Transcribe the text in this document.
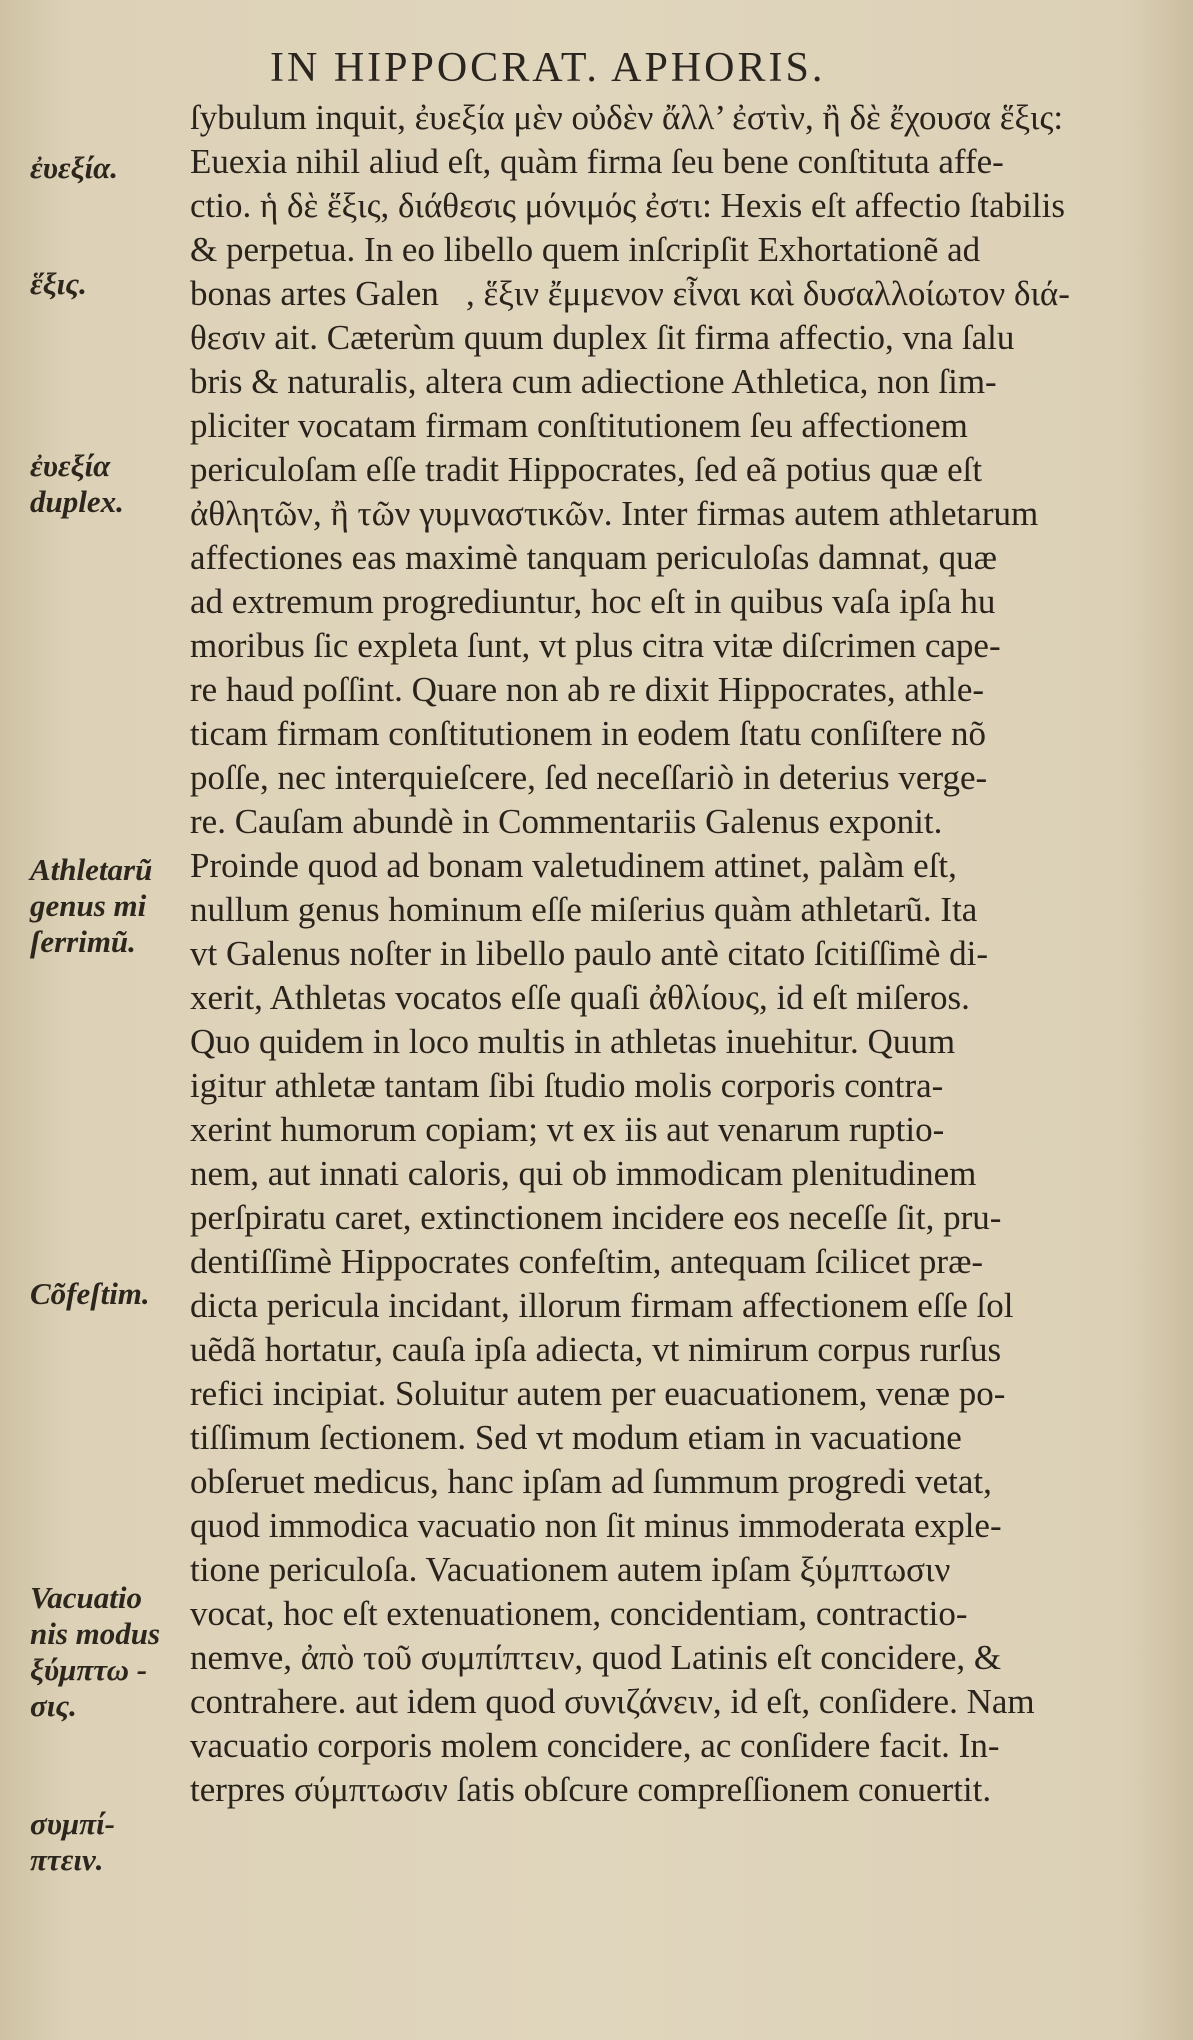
IN HIPPOCRAT. APHORIS.
ἐυεξία.
ἕξις.
ἐυεξία
duplex.
Athletarũ
genus mi
ſerrimũ.
Cõfeſtim.
Vacuatio
nis modus
ξύμπτω -
σις.
συμπί-
πτειν.
ſybulum inquit, ἐυεξία μὲν οὐδὲν ἄλλ’ ἐστὶν, ἢ δὲ ἔχουσα ἕξις:
Euexia nihil aliud eſt, quàm firma ſeu bene conſtituta affe-
ctio. ἡ δὲ ἕξις, διάθεσις μόνιμός ἐστι: Hexis eſt affectio ſtabilis
& perpetua. In eo libello quem inſcripſit Exhortationẽ ad
bonas artes Galen᷑, ἕξιν ἔμμενον εἶναι καὶ δυσαλλοίωτον διά-
θεσιν ait. Cæterùm quum duplex ſit firma affectio, vna ſalu
bris & naturalis, altera cum adiectione Athletica, non ſim-
pliciter vocatam firmam conſtitutionem ſeu affectionem
periculoſam eſſe tradit Hippocrates, ſed eã potius quæ eſt
ἀθλητῶν, ἢ τῶν γυμναστικῶν. Inter firmas autem athletarum
affectiones eas maximè tanquam periculoſas damnat, quæ
ad extremum progrediuntur, hoc eſt in quibus vaſa ipſa hu
moribus ſic expleta ſunt, vt plus citra vitæ diſcrimen cape-
re haud poſſint. Quare non ab re dixit Hippocrates, athle-
ticam firmam conſtitutionem in eodem ſtatu conſiſtere nõ
poſſe, nec interquieſcere, ſed neceſſariò in deterius verge-
re. Cauſam abundè in Commentariis Galenus exponit.
Proinde quod ad bonam valetudinem attinet, palàm eſt,
nullum genus hominum eſſe miſerius quàm athletarũ. Ita
vt Galenus noſter in libello paulo antè citato ſcitiſſimè di-
xerit, Athletas vocatos eſſe quaſi ἀθλίους, id eſt miſeros.
Quo quidem in loco multis in athletas inuehitur. Quum
igitur athletæ tantam ſibi ſtudio molis corporis contra-
xerint humorum copiam; vt ex iis aut venarum ruptio-
nem, aut innati caloris, qui ob immodicam plenitudinem
perſpiratu caret, extinctionem incidere eos neceſſe ſit, pru-
dentiſſimè Hippocrates confeſtim, antequam ſcilicet præ-
dicta pericula incidant, illorum firmam affectionem eſſe ſol
uẽdã hortatur, cauſa ipſa adiecta, vt nimirum corpus rurſus
refici incipiat. Soluitur autem per euacuationem, venæ po-
tiſſimum ſectionem. Sed vt modum etiam in vacuatione
obſeruet medicus, hanc ipſam ad ſummum progredi vetat,
quod immodica vacuatio non ſit minus immoderata exple-
tione periculoſa. Vacuationem autem ipſam ξύμπτωσιν
vocat, hoc eſt extenuationem, concidentiam, contractio-
nemve, ἀπὸ τοῦ συμπίπτειν, quod Latinis eſt concidere, &
contrahere. aut idem quod συνιζάνειν, id eſt, conſidere. Nam
vacuatio corporis molem concidere, ac conſidere facit. In-
terpres σύμπτωσιν ſatis obſcure compreſſionem conuertit.
